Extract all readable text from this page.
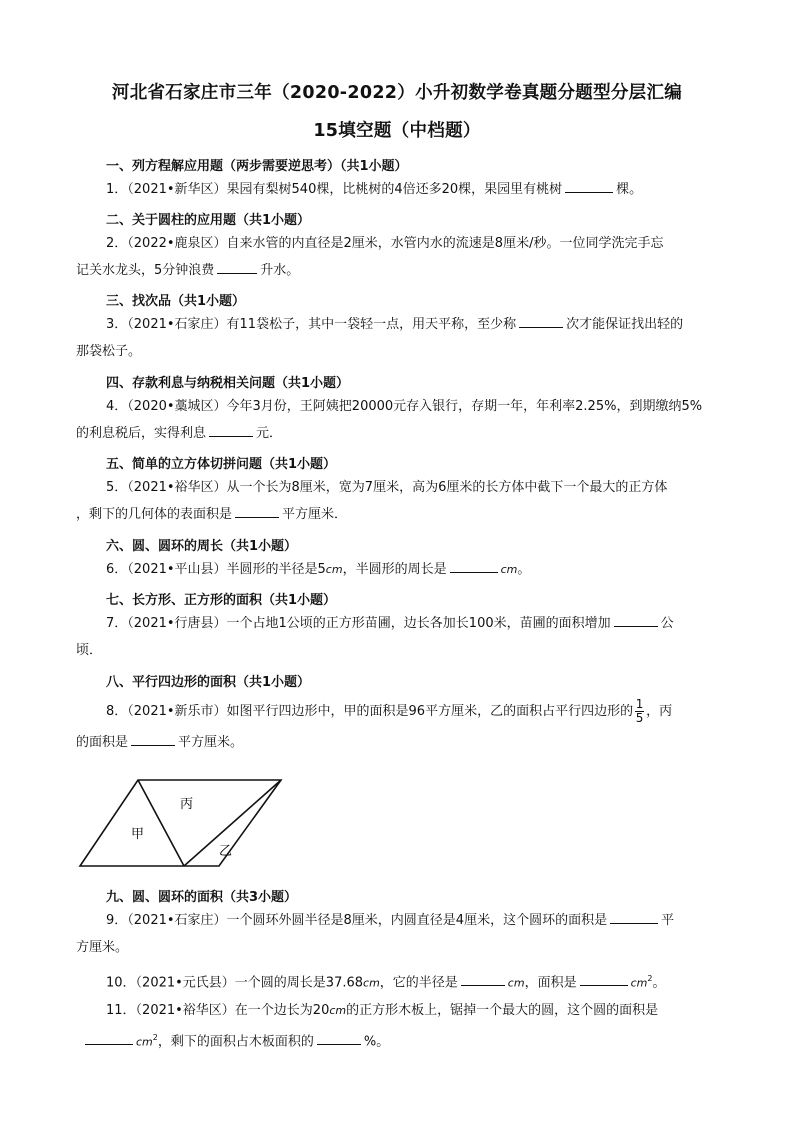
河北省石家庄市三年（2020-2022）小升初数学卷真题分题型分层汇编
15填空题（中档题）
一、列方程解应用题（两步需要逆思考）（共1小题）
1．（2021•新华区）果园有梨树540棵，比桃树的4倍还多20棵，果园里有桃树	棵。
二、关于圆柱的应用题（共1小题）
2．（2022•鹿泉区）自来水管的内直径是2厘米，水管内水的流速是8厘米/秒。一位同学洗完手忘
记关水龙头，5分钟浪费	升水。
三、找次品（共1小题）
3．（2021•石家庄）有11袋松子，其中一袋轻一点，用天平称，至少称	次才能保证找出轻的
那袋松子。
四、存款利息与纳税相关问题（共1小题）
4．（2020•藁城区）今年3月份，王阿姨把20000元存入银行，存期一年，年利率2.25%，到期缴纳5%
的利息税后，实得利息	元．
五、简单的立方体切拼问题（共1小题）
5．（2021•裕华区）从一个长为8厘米，宽为7厘米，高为6厘米的长方体中截下一个最大的正方体
，剩下的几何体的表面积是	平方厘米．
六、圆、圆环的周长（共1小题）
6．（2021•平山县）半圆形的半径是5cm，半圆形的周长是	cm。
七、长方形、正方形的面积（共1小题）
7．（2021•行唐县）一个占地1公顷的正方形苗圃，边长各加长100米，苗圃的面积增加	公
顷．
八、平行四边形的面积（共1小题）
8．（2021•新乐市）如图平行四边形中，甲的面积是96平方厘米，乙的面积占平行四边形的 $\frac{1}{5}$ ，丙
的面积是	平方厘米。
甲
丙
乙
九、圆、圆环的面积（共3小题）
9．（2021•石家庄）一个圆环外圆半径是8厘米，内圆直径是4厘米，这个圆环的面积是	平
方厘米。
10．（2021•元氏县）一个圆的周长是37.68cm，它的半径是	cm，面积是	$cm^2$。
11．（2021•裕华区）在一个边长为20cm的正方形木板上，锯掉一个最大的圆，这个圆的面积是
$cm^2$，剩下的面积占木板面积的	%。
